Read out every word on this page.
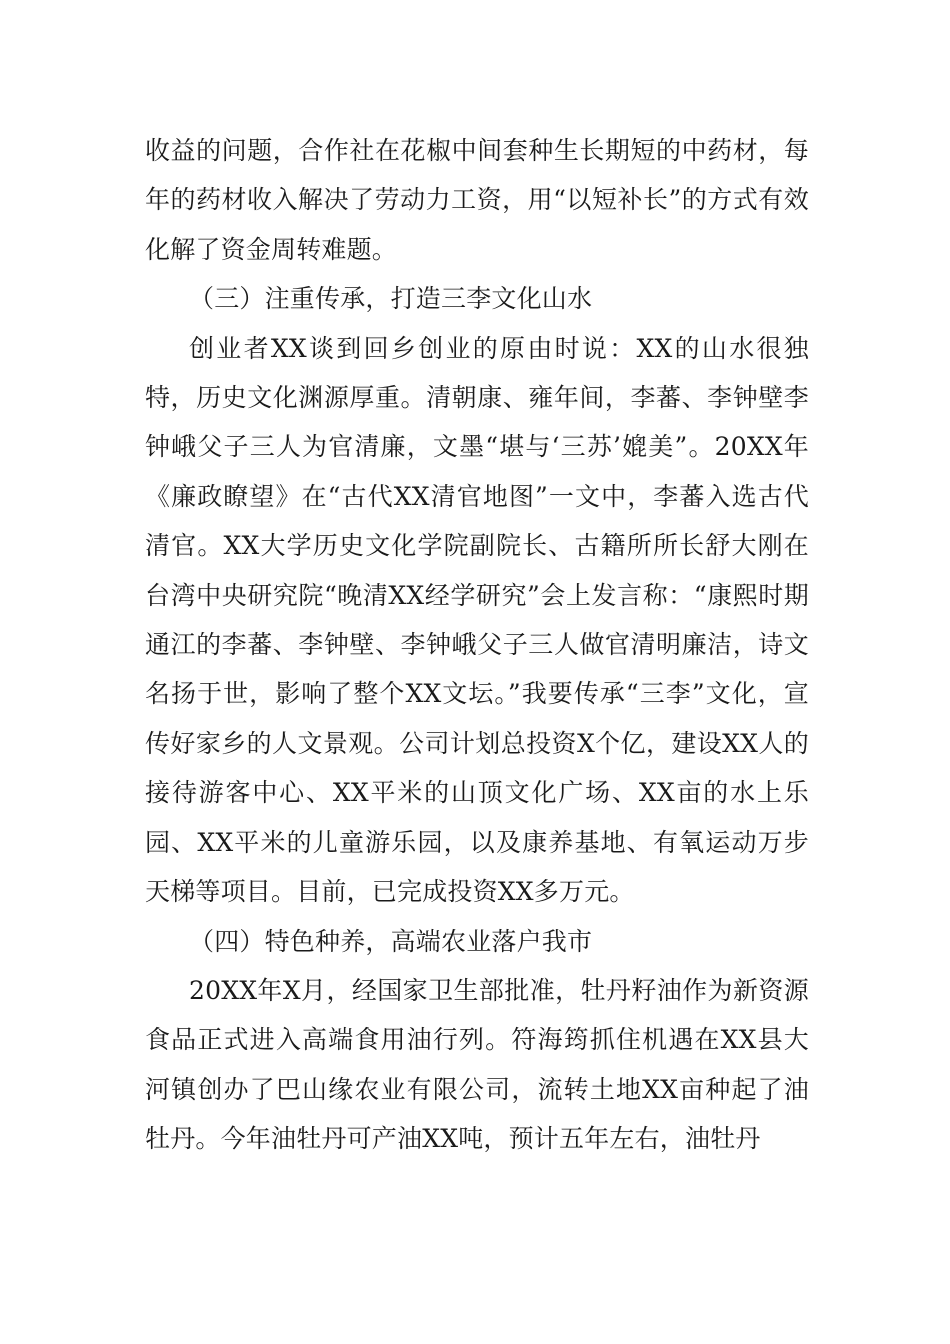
收益的问题，合作社在花椒中间套种生长期短的中药材，每年的药材收入解决了劳动力工资，用“以短补长”的方式有效化解了资金周转难题。

（三）注重传承，打造三李文化山水

创业者XX谈到回乡创业的原由时说：XX的山水很独特，历史文化渊源厚重。清朝康、雍年间，李蕃、李钟壁李钟峨父子三人为官清廉，文墨“堪与‘三苏’媲美”。20XX年《廉政瞭望》在“古代XX清官地图”一文中，李蕃入选古代清官。XX大学历史文化学院副院长、古籍所所长舒大刚在台湾中央研究院“晚清XX经学研究”会上发言称：“康熙时期通江的李蕃、李钟壁、李钟峨父子三人做官清明廉洁，诗文名扬于世，影响了整个XX文坛。”我要传承“三李”文化，宣传好家乡的人文景观。公司计划总投资X个亿，建设XX人的接待游客中心、XX平米的山顶文化广场、XX亩的水上乐园、XX平米的儿童游乐园，以及康养基地、有氧运动万步天梯等项目。目前，已完成投资XX多万元。

（四）特色种养，高端农业落户我市

20XX年X月，经国家卫生部批准，牡丹籽油作为新资源食品正式进入高端食用油行列。符海筠抓住机遇在XX县大河镇创办了巴山缘农业有限公司，流转土地XX亩种起了油牡丹。今年油牡丹可产油XX吨，预计五年左右，油牡丹
